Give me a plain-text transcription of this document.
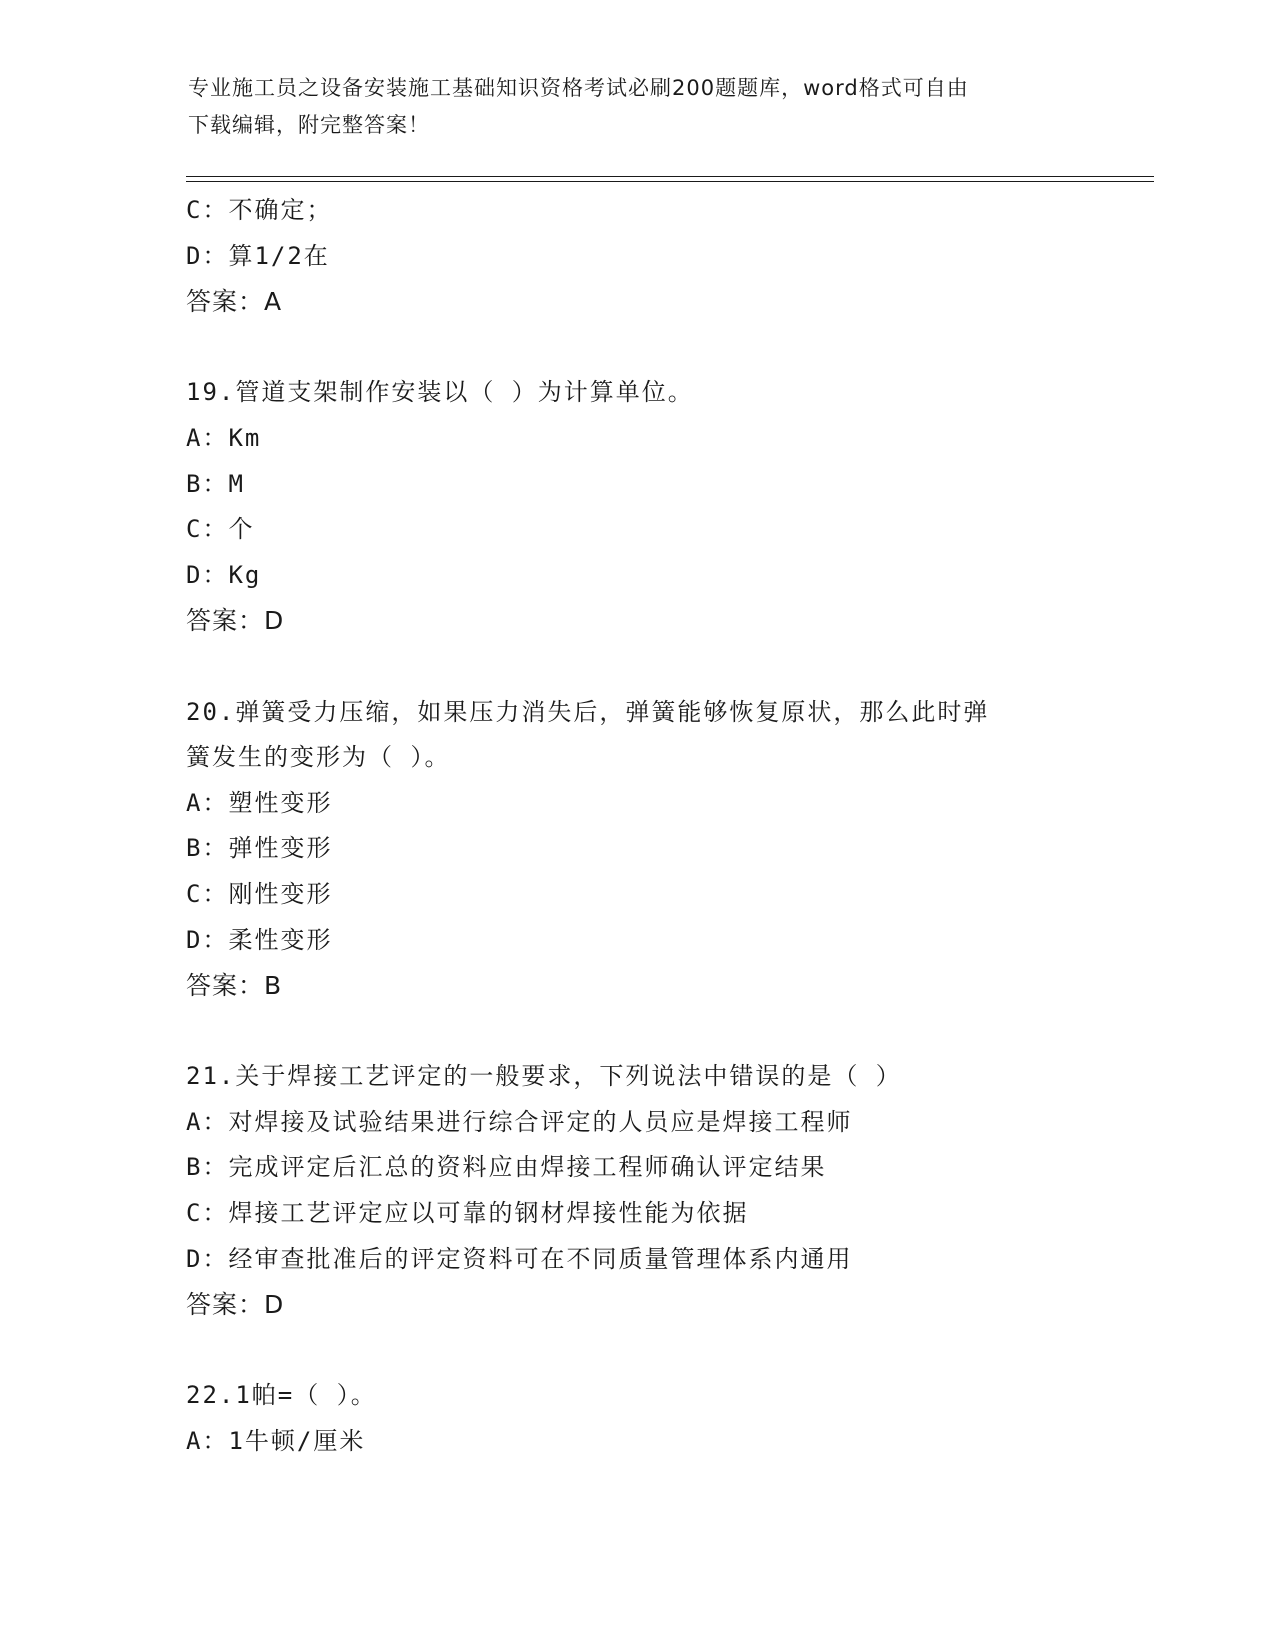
专业施工员之设备安装施工基础知识资格考试必刷200题题库，word格式可自由
下载编辑，附完整答案！
C：不确定；
D：算1/2在
答案：A
19.管道支架制作安装以（ ）为计算单位。
A：Km
B：M
C：个
D：Kg
答案：D
20.弹簧受力压缩，如果压力消失后，弹簧能够恢复原状，那么此时弹
簧发生的变形为（ ）。
A：塑性变形
B：弹性变形
C：刚性变形
D：柔性变形
答案：B
21.关于焊接工艺评定的一般要求，下列说法中错误的是（ ）
A：对焊接及试验结果进行综合评定的人员应是焊接工程师
B：完成评定后汇总的资料应由焊接工程师确认评定结果
C：焊接工艺评定应以可靠的钢材焊接性能为依据
D：经审查批准后的评定资料可在不同质量管理体系内通用
答案：D
22.1帕=（ ）。
A：1牛顿/厘米
